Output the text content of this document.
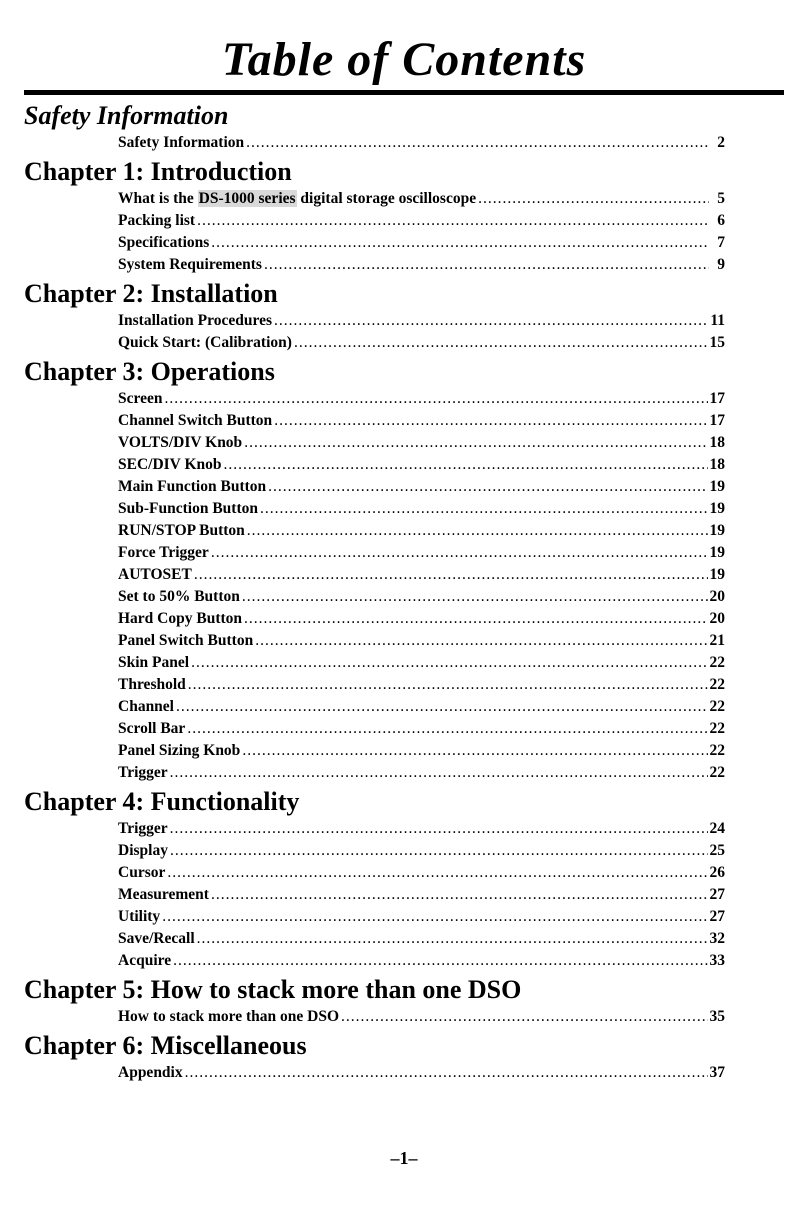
Table of Contents
Safety Information
Safety Information .....	2
Chapter 1: Introduction
What is the DS-1000 series digital storage oscilloscope .....	5
Packing list .....	6
Specifications .....	7
System Requirements .....	9
Chapter 2: Installation
Installation Procedures .....	11
Quick Start: (Calibration) .....	15
Chapter 3: Operations
Screen .....	17
Channel Switch Button .....	17
VOLTS/DIV Knob .....	18
SEC/DIV Knob .....	18
Main Function Button .....	19
Sub-Function Button .....	19
RUN/STOP Button .....	19
Force Trigger .....	19
AUTOSET .....	19
Set to 50% Button .....	20
Hard Copy Button .....	20
Panel Switch Button .....	21
Skin Panel .....	22
Threshold .....	22
Channel .....	22
Scroll Bar .....	22
Panel Sizing Knob .....	22
Trigger .....	22
Chapter 4: Functionality
Trigger .....	24
Display .....	25
Cursor .....	26
Measurement .....	27
Utility .....	27
Save/Recall .....	32
Acquire .....	33
Chapter 5: How to stack more than one DSO
How to stack more than one DSO .....	35
Chapter 6: Miscellaneous
Appendix .....	37
–1–
